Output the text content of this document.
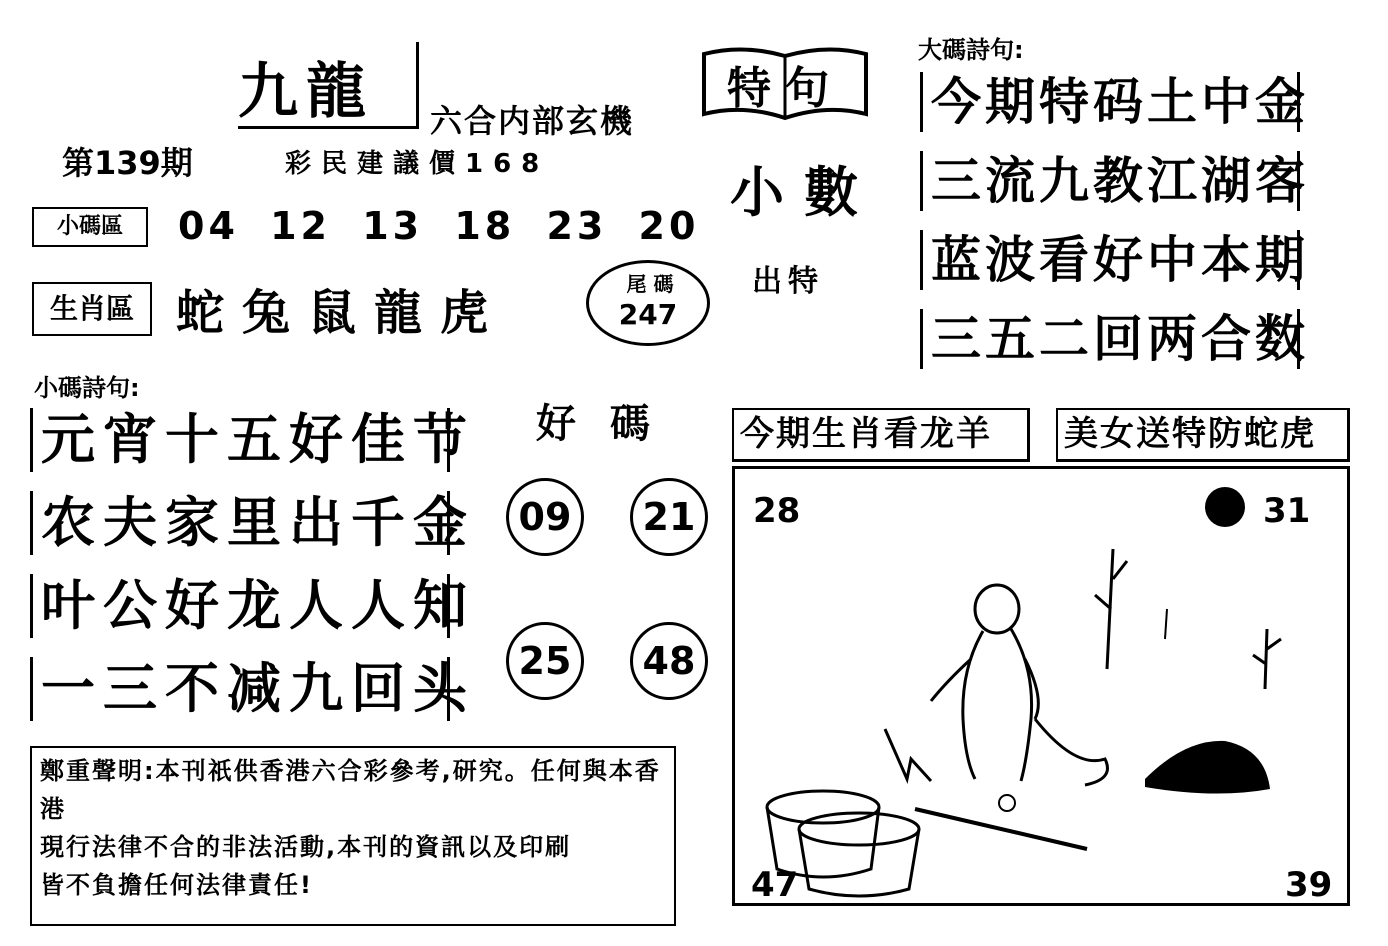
九龍 六合内部玄機
第139期	彩民建議價168
小碼區	04 12 13 18 23 20
生肖區 蛇兔鼠龍虎
尾 碼
247
小碼詩句:
元宵十五好佳节
农夫家里出千金
叶公好龙人人知
一三不减九回头
特句
小數
出特
大碼詩句:
今期特码土中金
三流九教江湖客
蓝波看好中本期
三五二回两合数
好 碼
09	21
25	48
今期生肖看龙羊	美女送特防蛇虎
28	31
47	39
鄭重聲明:本刊祇供香港六合彩參考,研究。任何與本香港
現行法律不合的非法活動,本刊的資訊以及印刷
皆不負擔任何法律責任!
